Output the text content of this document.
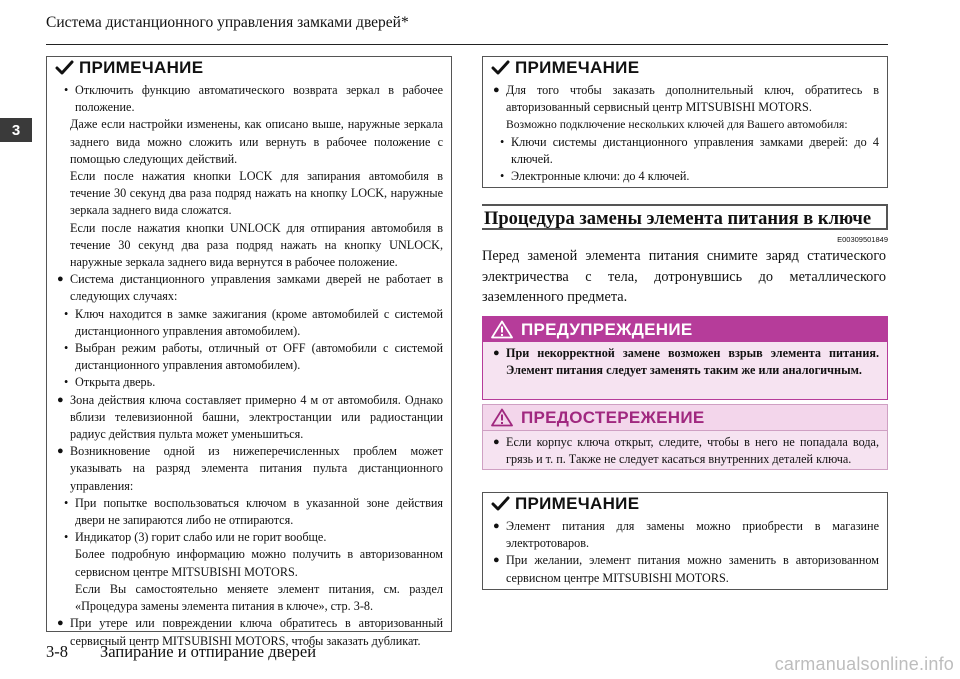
Система дистанционного управления замками дверей*
3
ПРИМЕЧАНИЕ
• Отключить функцию автоматического возврата зеркал в рабочее положение.
Даже если настройки изменены, как описано выше, наружные зеркала заднего вида можно сложить или вернуть в рабочее положение с помощью следующих действий.
Если после нажатия кнопки LOCK для запирания автомобиля в течение 30 секунд два раза подряд нажать на кнопку LOCK, наружные зеркала заднего вида сложатся.
Если после нажатия кнопки UNLOCK для отпирания автомобиля в течение 30 секунд два раза подряд нажать на кнопку UNLOCK, наружные зеркала заднего вида вернутся в рабочее положение.
● Система дистанционного управления замками дверей не работает в следующих случаях:
• Ключ находится в замке зажигания (кроме автомобилей с системой дистанционного управления автомобилем).
• Выбран режим работы, отличный от OFF (автомобили с системой дистанционного управления автомобилем).
• Открыта дверь.
● Зона действия ключа составляет примерно 4 м от автомобиля. Однако вблизи телевизионной башни, электростанции или радиостанции радиус действия пульта может уменьшиться.
● Возникновение одной из нижеперечисленных проблем может указывать на разряд элемента питания пульта дистанционного управления:
• При попытке воспользоваться ключом в указанной зоне действия двери не запираются либо не отпираются.
• Индикатор (3) горит слабо или не горит вообще.
Более подробную информацию можно получить в авторизованном сервисном центре MITSUBISHI MOTORS.
Если Вы самостоятельно меняете элемент питания, см. раздел «Процедура замены элемента питания в ключе», стр. 3-8.
● При утере или повреждении ключа обратитесь в авторизованный сервисный центр MITSUBISHI MOTORS, чтобы заказать дубликат.
ПРИМЕЧАНИЕ
● Для того чтобы заказать дополнительный ключ, обратитесь в авторизованный сервисный центр MITSUBISHI MOTORS.
Возможно подключение нескольких ключей для Вашего автомобиля:
• Ключи системы дистанционного управления замками дверей: до 4 ключей.
• Электронные ключи: до 4 ключей.
Процедура замены элемента питания в ключе
E00309501849
Перед заменой элемента питания снимите заряд статического электричества с тела, дотронувшись до металлического заземленного предмета.
ПРЕДУПРЕЖДЕНИЕ
● При некорректной замене возможен взрыв элемента питания. Элемент питания следует заменять таким же или аналогичным.
ПРЕДОСТЕРЕЖЕНИЕ
● Если корпус ключа открыт, следите, чтобы в него не попадала вода, грязь и т. п. Также не следует касаться внутренних деталей ключа.
ПРИМЕЧАНИЕ
● Элемент питания для замены можно приобрести в магазине электротоваров.
● При желании, элемент питания можно заменить в авторизованном сервисном центре MITSUBISHI MOTORS.
3-8 Запирание и отпирание дверей
carmanualsonline.info
